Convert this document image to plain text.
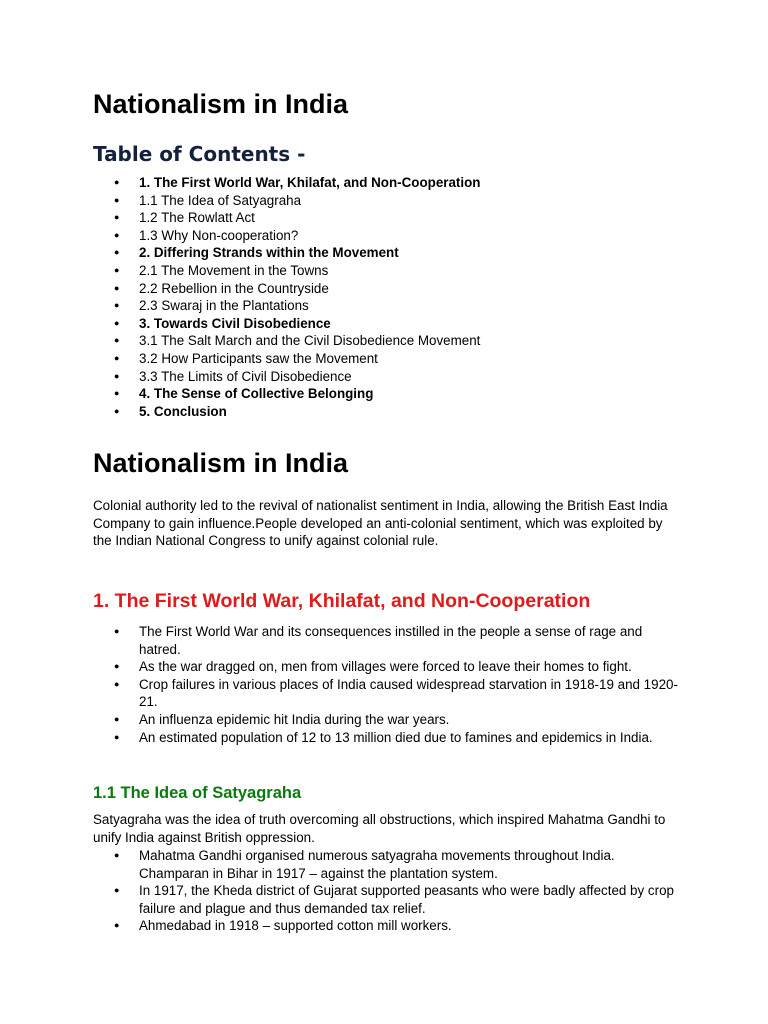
Nationalism in India
Table of Contents -
● 1. The First World War, Khilafat, and Non-Cooperation
● 1.1 The Idea of Satyagraha
● 1.2 The Rowlatt Act
● 1.3 Why Non-cooperation?
● 2. Differing Strands within the Movement
● 2.1 The Movement in the Towns
● 2.2 Rebellion in the Countryside
● 2.3 Swaraj in the Plantations
● 3. Towards Civil Disobedience
● 3.1 The Salt March and the Civil Disobedience Movement
● 3.2 How Participants saw the Movement
● 3.3 The Limits of Civil Disobedience
● 4. The Sense of Collective Belonging
● 5. Conclusion
Nationalism in India

Colonial authority led to the revival of nationalist sentiment in India, allowing the British East India Company to gain influence.People developed an anti-colonial sentiment, which was exploited by the Indian National Congress to unify against colonial rule.

1. The First World War, Khilafat, and Non-Cooperation
● The First World War and its consequences instilled in the people a sense of rage and hatred.
● As the war dragged on, men from villages were forced to leave their homes to fight.
● Crop failures in various places of India caused widespread starvation in 1918-19 and 1920-21.
● An influenza epidemic hit India during the war years.
● An estimated population of 12 to 13 million died due to famines and epidemics in India.
1.1 The Idea of Satyagraha

Satyagraha was the idea of truth overcoming all obstructions, which inspired Mahatma Gandhi to unify India against British oppression.

● Mahatma Gandhi organised numerous satyagraha movements throughout India. Champaran in Bihar in 1917 – against the plantation system.
● In 1917, the Kheda district of Gujarat supported peasants who were badly affected by crop failure and plague and thus demanded tax relief.
● Ahmedabad in 1918 – supported cotton mill workers.
